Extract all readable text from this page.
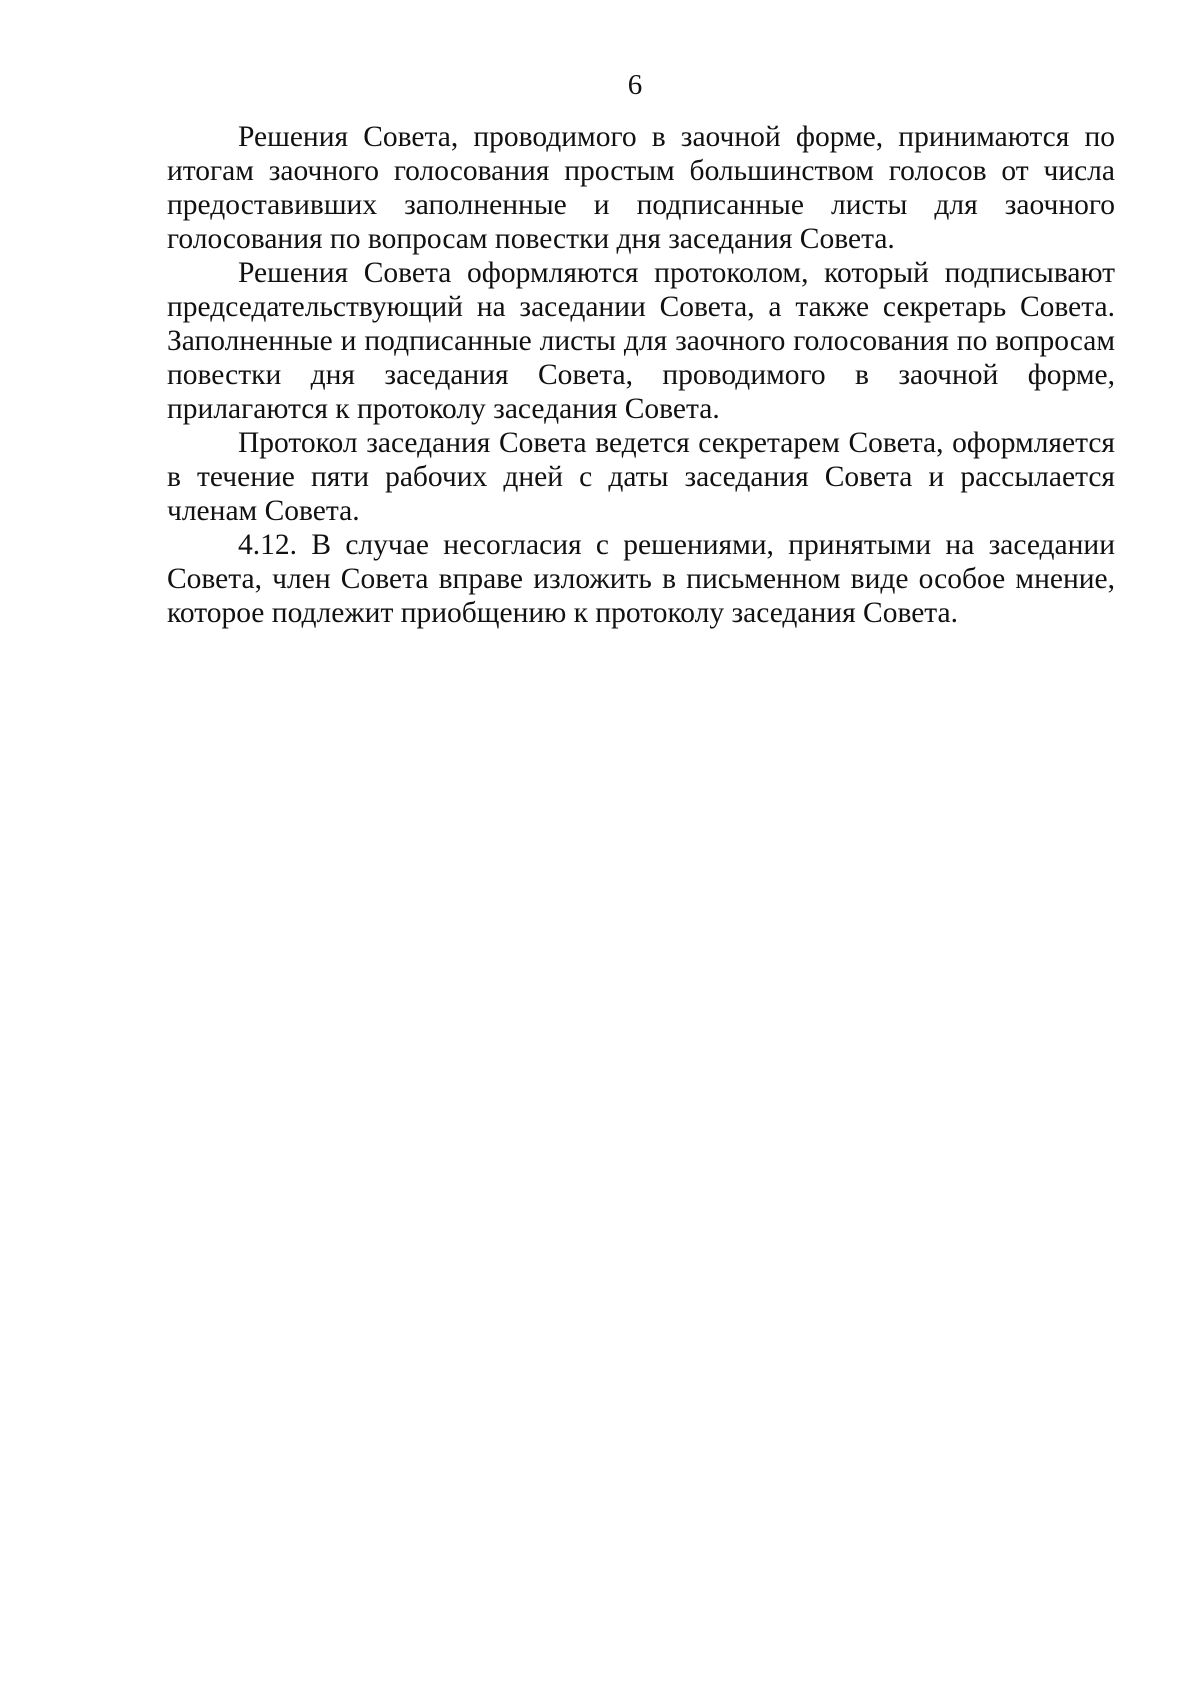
6

Решения Совета, проводимого в заочной форме, принимаются по итогам заочного голосования простым большинством голосов от числа предоставивших заполненные и подписанные листы для заочного голосования по вопросам повестки дня заседания Совета.

Решения Совета оформляются протоколом, который подписывают председательствующий на заседании Совета, а также секретарь Совета. Заполненные и подписанные листы для заочного голосования по вопросам повестки дня заседания Совета, проводимого в заочной форме, прилагаются к протоколу заседания Совета.

Протокол заседания Совета ведется секретарем Совета, оформляется в течение пяти рабочих дней с даты заседания Совета и рассылается членам Совета.

4.12. В случае несогласия с решениями, принятыми на заседании Совета, член Совета вправе изложить в письменном виде особое мнение, которое подлежит приобщению к протоколу заседания Совета.
